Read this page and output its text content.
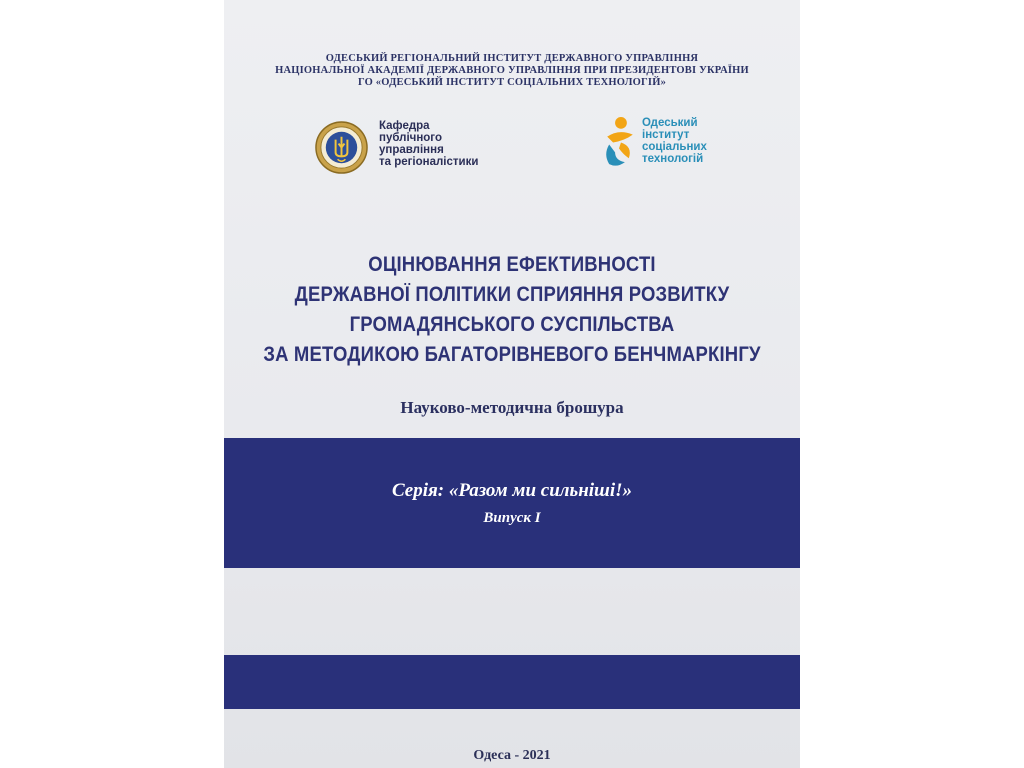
ОДЕСЬКИЙ РЕГІОНАЛЬНИЙ ІНСТИТУТ ДЕРЖАВНОГО УПРАВЛІННЯ
НАЦІОНАЛЬНОЇ АКАДЕМІЇ ДЕРЖАВНОГО УПРАВЛІННЯ ПРИ ПРЕЗИДЕНТОВІ УКРАЇНИ
ГО «ОДЕСЬКИЙ ІНСТИТУТ СОЦІАЛЬНИХ ТЕХНОЛОГІЙ»
Кафедра
публічного
управління
та регіоналістики
Одеський
інститут
соціальних
технологій
ОЦІНЮВАННЯ ЕФЕКТИВНОСТІ
ДЕРЖАВНОЇ ПОЛІТИКИ СПРИЯННЯ РОЗВИТКУ
ГРОМАДЯНСЬКОГО СУСПІЛЬСТВА
ЗА МЕТОДИКОЮ БАГАТОРІВНЕВОГО БЕНЧМАРКІНГУ
Науково-методична брошура
Серія: «Разом ми сильніші!»
Випуск І
Одеса - 2021
